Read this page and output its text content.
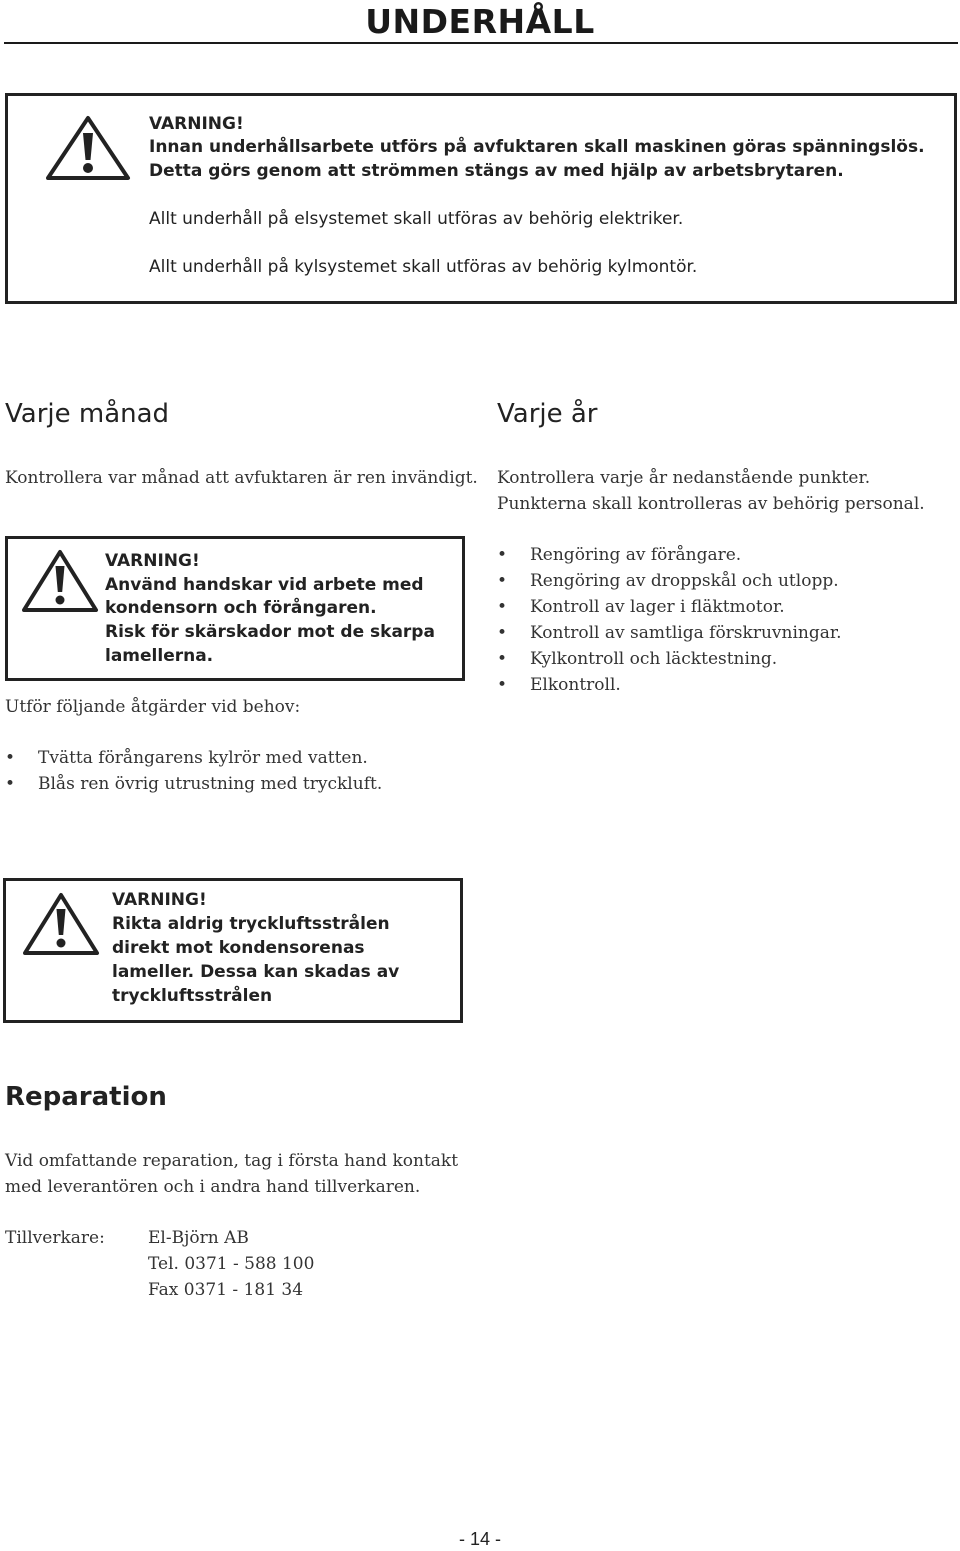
UNDERHÅLL
VARNING!
Innan underhållsarbete utförs på avfuktaren skall maskinen göras spänningslös.
Detta görs genom att strömmen stängs av med hjälp av arbetsbrytaren.
Allt underhåll på elsystemet skall utföras av behörig elektriker.
Allt underhåll på kylsystemet skall utföras av behörig kylmontör.
Varje månad
Kontrollera var månad att avfuktaren är ren invändigt.
VARNING!
Använd handskar vid arbete med
kondensorn och förångaren.
Risk för skärskador mot de skarpa
lamellerna.
Utför följande åtgärder vid behov:
• Tvätta förångarens kylrör med vatten.
• Blås ren övrig utrustning med tryckluft.
Varje år
Kontrollera varje år nedanstående punkter.
Punkterna skall kontrolleras av behörig personal.
• Rengöring av förångare.
• Rengöring av droppskål och utlopp.
• Kontroll av lager i fläktmotor.
• Kontroll av samtliga förskruvningar.
• Kylkontroll och läcktestning.
• Elkontroll.
VARNING!
Rikta aldrig tryckluftsstrålen
direkt mot kondensorenas
lameller. Dessa kan skadas av
tryckluftsstrålen
Reparation
Vid omfattande reparation, tag i första hand kontakt
med leverantören och i andra hand tillverkaren.
Tillverkare:	El-Björn AB
Tel. 0371 - 588 100
Fax 0371 - 181 34
- 14 -
